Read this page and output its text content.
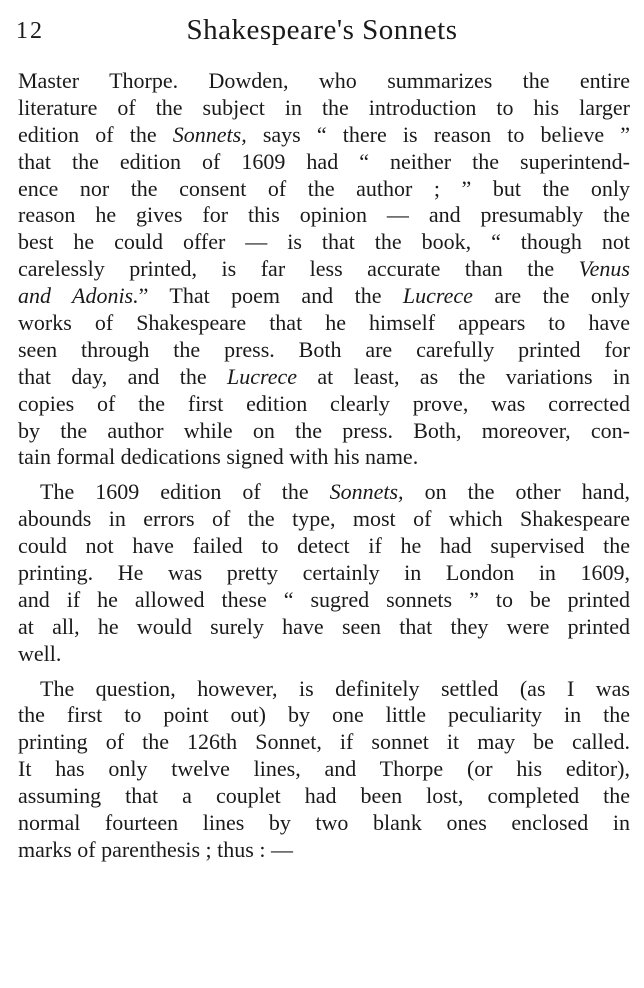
12	Shakespeare's Sonnets
Master Thorpe. Dowden, who summarizes the entire
literature of the subject in the introduction to his larger
edition of the Sonnets, says “ there is reason to believe ”
that the edition of 1609 had “ neither the superintend-
ence nor the consent of the author ; ” but the only
reason he gives for this opinion — and presumably the
best he could offer — is that the book, “ though not
carelessly printed, is far less accurate than the Venus
and Adonis.” That poem and the Lucrece are the only
works of Shakespeare that he himself appears to have
seen through the press. Both are carefully printed for
that day, and the Lucrece at least, as the variations in
copies of the first edition clearly prove, was corrected
by the author while on the press. Both, moreover, con-
tain formal dedications signed with his name.
The 1609 edition of the Sonnets, on the other hand,
abounds in errors of the type, most of which Shakespeare
could not have failed to detect if he had supervised the
printing. He was pretty certainly in London in 1609,
and if he allowed these “ sugred sonnets ” to be printed
at all, he would surely have seen that they were printed
well.
The question, however, is definitely settled (as I was
the first to point out) by one little peculiarity in the
printing of the 126th Sonnet, if sonnet it may be called.
It has only twelve lines, and Thorpe (or his editor),
assuming that a couplet had been lost, completed the
normal fourteen lines by two blank ones enclosed in
marks of parenthesis ; thus : —
